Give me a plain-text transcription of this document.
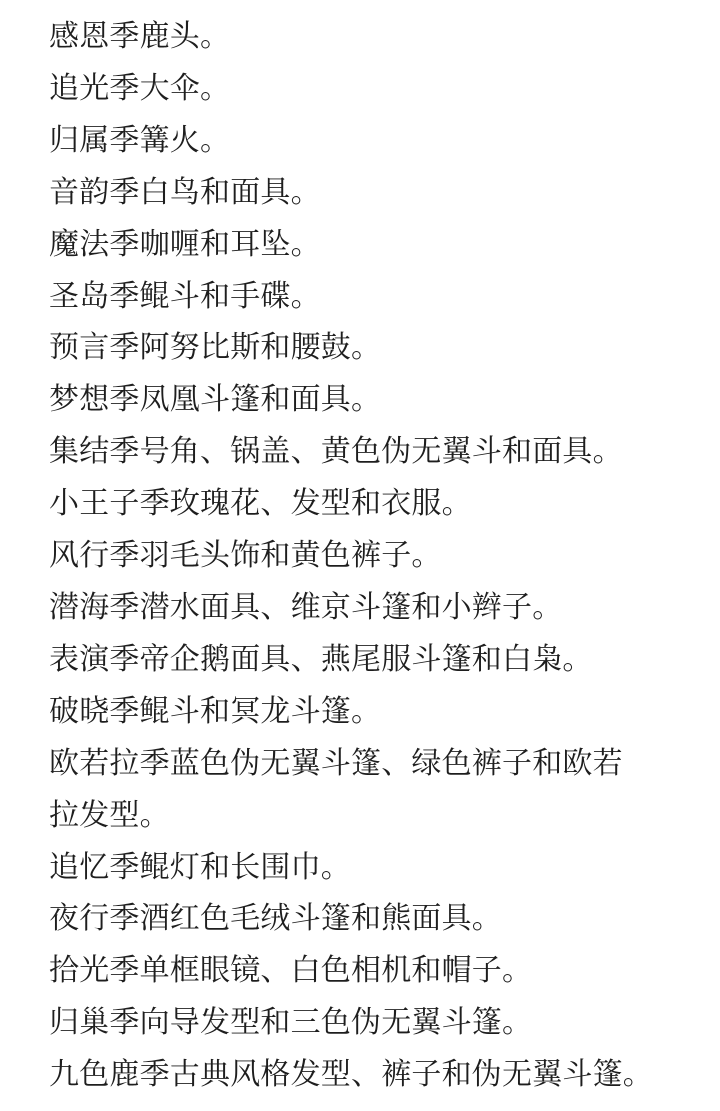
感恩季鹿头。
追光季大伞。
归属季篝火。
音韵季白鸟和面具。
魔法季咖喱和耳坠。
圣岛季鲲斗和手碟。
预言季阿努比斯和腰鼓。
梦想季凤凰斗篷和面具。
集结季号角、锅盖、黄色伪无翼斗和面具。
小王子季玫瑰花、发型和衣服。
风行季羽毛头饰和黄色裤子。
潜海季潜水面具、维京斗篷和小辫子。
表演季帝企鹅面具、燕尾服斗篷和白枭。
破晓季鲲斗和冥龙斗篷。
欧若拉季蓝色伪无翼斗篷、绿色裤子和欧若
拉发型。
追忆季鲲灯和长围巾。
夜行季酒红色毛绒斗篷和熊面具。
拾光季单框眼镜、白色相机和帽子。
归巢季向导发型和三色伪无翼斗篷。
九色鹿季古典风格发型、裤子和伪无翼斗篷。
